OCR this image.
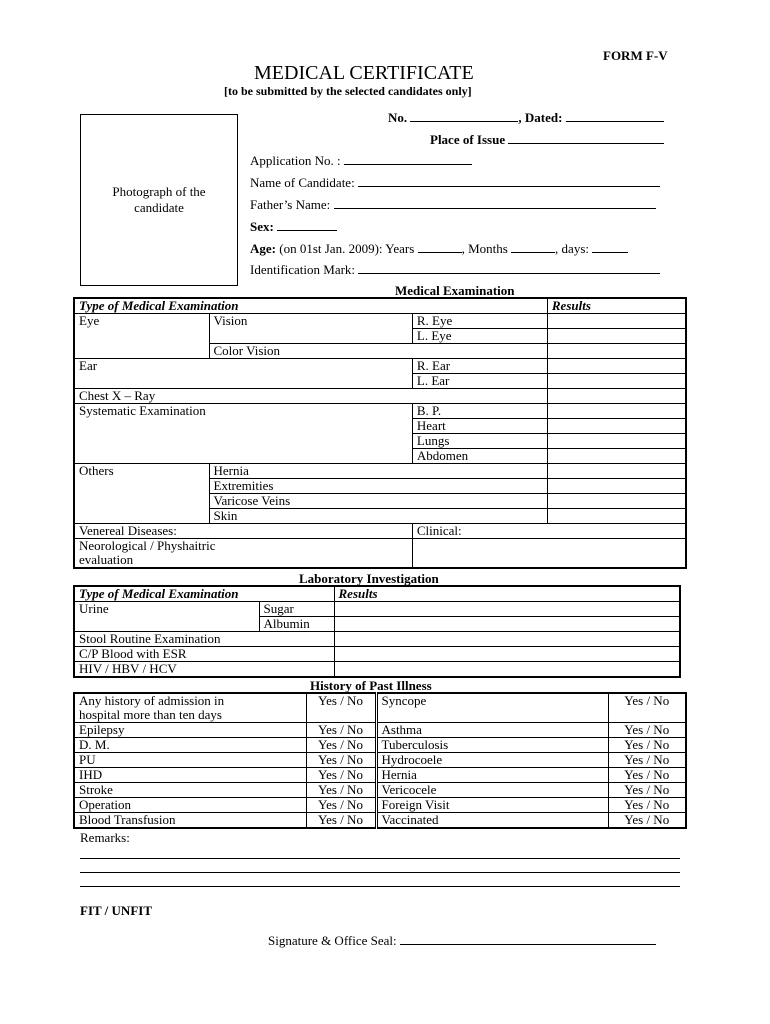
FORM F-V
MEDICAL CERTIFICATE
[to be submitted by the selected candidates only]
No.	, Dated:
Place of Issue
Photograph of the candidate
Application No. :
Name of Candidate:
Father’s Name:
Sex:
Age: (on 01st Jan. 2009): Years	, Months	, days:
Identification Mark:
Medical Examination
Type of Medical Examination			Results
Eye	Vision	R. Eye	
		L. Eye	
	Color Vision		
Ear		R. Ear	
		L. Ear	
Chest X – Ray			
Systematic Examination		B. P.	
		Heart	
		Lungs	
		Abdomen	
Others	Hernia		
	Extremities		
	Varicose Veins		
	Skin		
Venereal Diseases:		Clinical:	

Neorological / Physhaitric
evaluation			

Laboratory Investigation
Type of Medical Examination		Results
Urine	Sugar	
	Albumin	
Stool Routine Examination		
C/P Blood with ESR		
HIV / HBV / HCV		
History of Past Illness
Any history of admission in
hospital more than ten days	Yes / No	Syncope	Yes / No
Epilepsy	Yes / No	Asthma	Yes / No
D. M.	Yes / No	Tuberculosis	Yes / No
PU	Yes / No	Hydrocoele	Yes / No
IHD	Yes / No	Hernia	Yes / No
Stroke	Yes / No	Vericocele	Yes / No
Operation	Yes / No	Foreign Visit	Yes / No
Blood Transfusion	Yes / No	Vaccinated	Yes / No
Remarks:
FIT / UNFIT
Signature & Office Seal:
